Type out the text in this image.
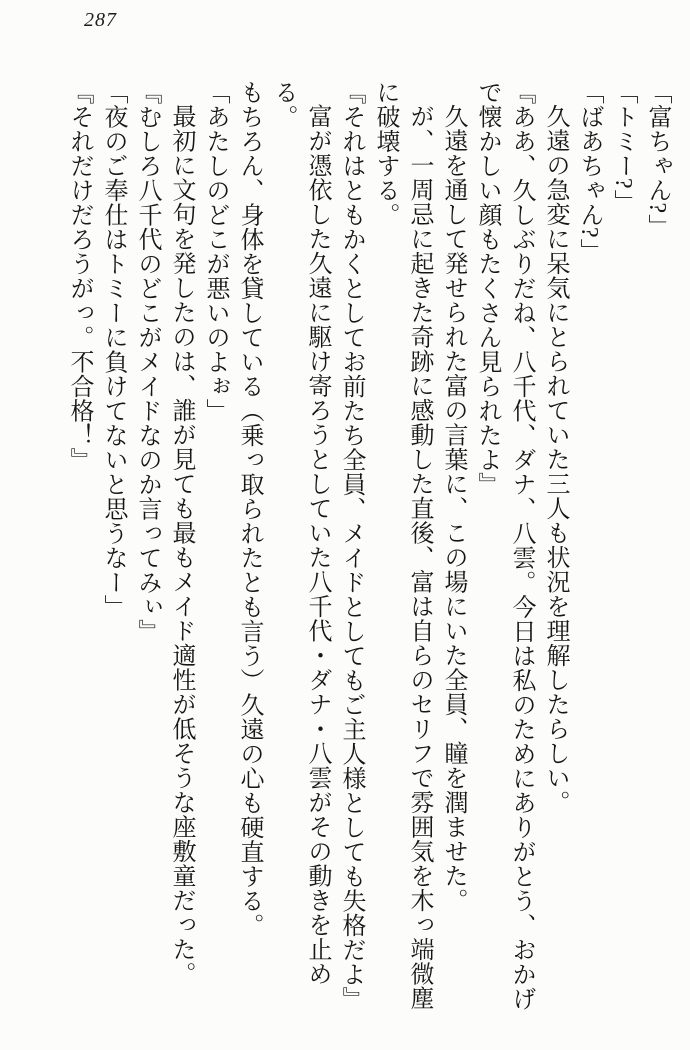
287

「富ちゃん?」

「トミー?」

「ばあちゃん?」

久遠の急変に呆気にとられていた三人も状況を理解したらしい。

『ああ、久しぶりだね、八千代、ダナ、八雲。今日は私のためにありがとう、おかげで懐かしい顔もたくさん見られたよ』

久遠を通して発せられた富の言葉に、この場にいた全員、瞳を潤ませた。

が、一周忌に起きた奇跡に感動した直後、富は自らのセリフで雰囲気を木っ端微塵に破壊する。

『それはともかくとしてお前たち全員、メイドとしてもご主人様としても失格だよ』

富が憑依した久遠に駆け寄ろうとしていた八千代・ダナ・八雲がその動きを止める。

もちろん、身体を貸している（乗っ取られたとも言う）久遠の心も硬直する。

「あたしのどこが悪いのよぉ」

最初に文句を発したのは、誰が見ても最もメイド適性が低そうな座敷童だった。

『むしろ八千代のどこがメイドなのか言ってみぃ』

「夜のご奉仕はトミーに負けてないと思うなー」

『それだけだろうがっ。不合格！』
